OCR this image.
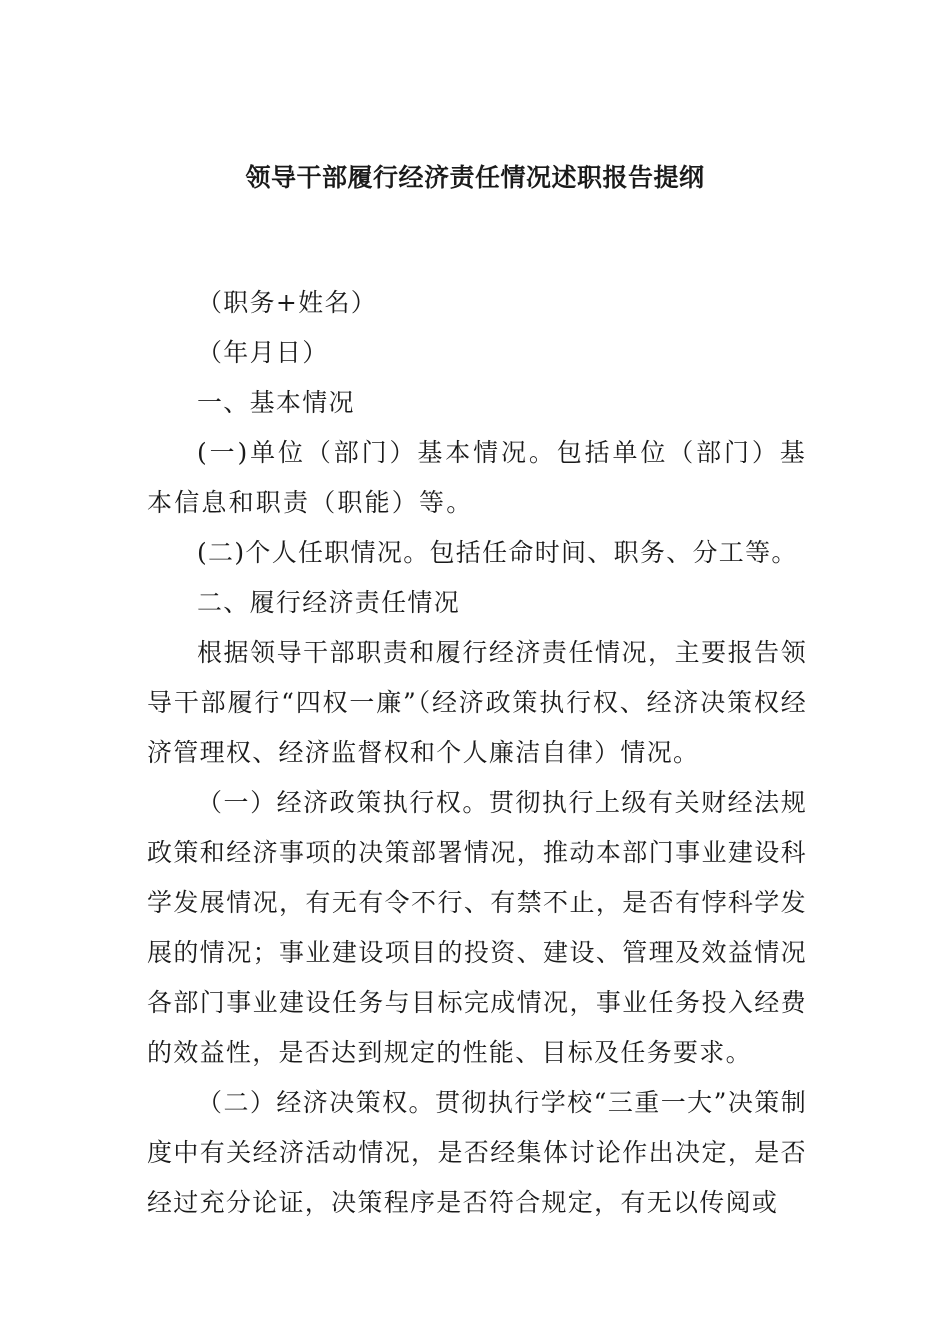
领导干部履行经济责任情况述职报告提纲

（职务+姓名）

（年月日）

一、基本情况

(一)单位（部门）基本情况。包括单位（部门）基本信息和职责（职能）等。

(二)个人任职情况。包括任命时间、职务、分工等。

二、履行经济责任情况

根据领导干部职责和履行经济责任情况，主要报告领导干部履行“四权一廉”（经济政策执行权、经济决策权经济管理权、经济监督权和个人廉洁自律）情况。

（一）经济政策执行权。贯彻执行上级有关财经法规政策和经济事项的决策部署情况，推动本部门事业建设科学发展情况，有无有令不行、有禁不止，是否有悖科学发展的情况；事业建设项目的投资、建设、管理及效益情况各部门事业建设任务与目标完成情况，事业任务投入经费的效益性，是否达到规定的性能、目标及任务要求。

（二）经济决策权。贯彻执行学校“三重一大”决策制度中有关经济活动情况，是否经集体讨论作出决定，是否经过充分论证，决策程序是否符合规定，有无以传阅或
